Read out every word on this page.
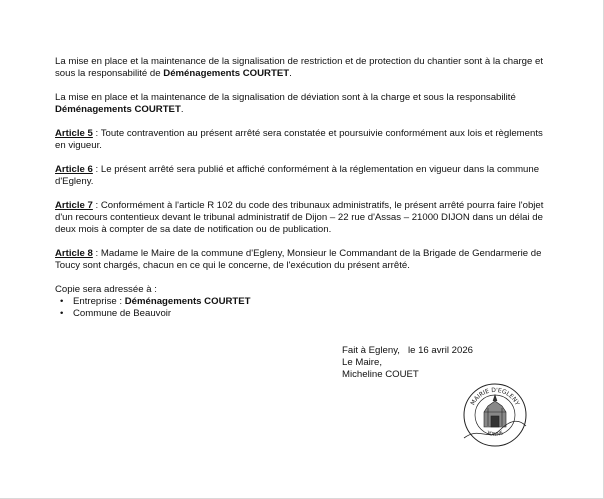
La mise en place et la maintenance de la signalisation de restriction et de protection du chantier sont à la charge et sous la responsabilité de Déménagements COURTET.

La mise en place et la maintenance de la signalisation de déviation sont à la charge et sous la responsabilité Déménagements COURTET.

Article 5 : Toute contravention au présent arrêté sera constatée et poursuivie conformément aux lois et règlements en vigueur.

Article 6 : Le présent arrêté sera publié et affiché conformément à la réglementation en vigueur dans la commune d'Egleny.

Article 7 : Conformément à l'article R 102 du code des tribunaux administratifs, le présent arrêté pourra faire l'objet d'un recours contentieux devant le tribunal administratif de Dijon – 22 rue d'Assas – 21000 DIJON dans un délai de deux mois à compter de sa date de notification ou de publication.

Article 8 : Madame le Maire de la commune d'Egleny, Monsieur le Commandant de la Brigade de Gendarmerie de Toucy sont chargés, chacun en ce qui le concerne, de l'exécution du présent arrêté.

Copie sera adressée à :

• Entreprise : Déménagements COURTET
• Commune de Beauvoir

Fait à Egleny,   le 16 avril 2026

Le Maire,

Micheline COUET

MAIRIE D'EGLENY
YONNE
